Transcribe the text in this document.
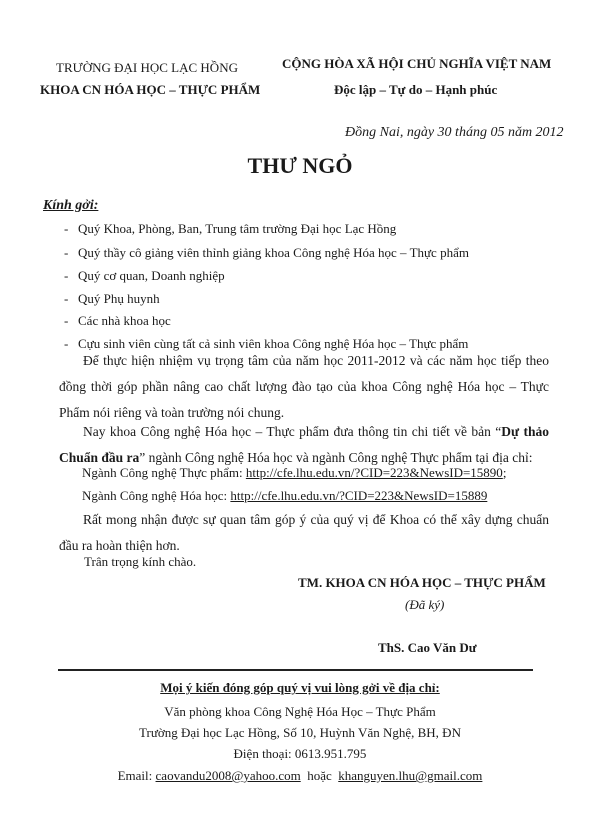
TRƯỜNG ĐẠI HỌC LẠC HỒNG
KHOA CN HÓA HỌC – THỰC PHẨM
CỘNG HÒA XÃ HỘI CHỦ NGHĨA VIỆT NAM
Độc lập – Tự do – Hạnh phúc
Đồng Nai, ngày 30 tháng 05 năm 2012
THƯ NGỎ
Kính gởi:
- Quý Khoa, Phòng, Ban, Trung tâm trường Đại học Lạc Hồng
- Quý thầy cô giảng viên thỉnh giảng khoa Công nghệ Hóa học – Thực phẩm
- Quý cơ quan, Doanh nghiệp
- Quý Phụ huynh
- Các nhà khoa học
- Cựu sinh viên cùng tất cả sinh viên khoa Công nghệ Hóa học – Thực phẩm
Để thực hiện nhiệm vụ trọng tâm của năm học 2011-2012 và các năm học tiếp theo đồng thời góp phần nâng cao chất lượng đào tạo của khoa Công nghệ Hóa học – Thực Phẩm nói riêng và toàn trường nói chung.
Nay khoa Công nghệ Hóa học – Thực phẩm đưa thông tin chi tiết về bản “Dự thảo Chuẩn đầu ra” ngành Công nghệ Hóa học và ngành Công nghệ Thực phẩm tại địa chỉ:
Ngành Công nghệ Thực phẩm: http://cfe.lhu.edu.vn/?CID=223&NewsID=15890;
Ngành Công nghệ Hóa học: http://cfe.lhu.edu.vn/?CID=223&NewsID=15889
Rất mong nhận được sự quan tâm góp ý của quý vị để Khoa có thể xây dựng chuẩn đầu ra hoàn thiện hơn.
Trân trọng kính chào.
TM. KHOA CN HÓA HỌC – THỰC PHẨM
(Đã ký)
ThS. Cao Văn Dư
Mọi ý kiến đóng góp quý vị vui lòng gởi về địa chỉ:
Văn phòng khoa Công Nghệ Hóa Học – Thực Phẩm
Trường Đại học Lạc Hồng, Số 10, Huỳnh Văn Nghệ, BH, ĐN
Điện thoại: 0613.951.795
Email: caovandu2008@yahoo.com  hoặc  khanguyen.lhu@gmail.com
